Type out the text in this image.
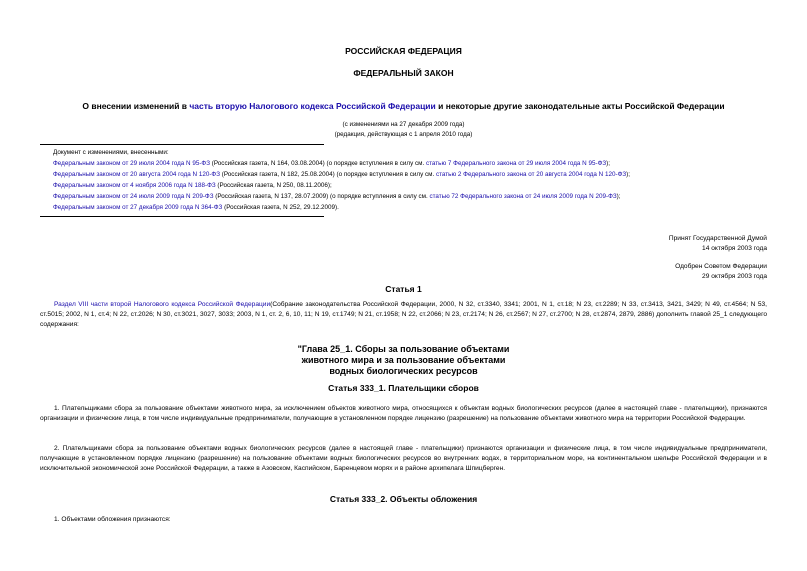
РОССИЙСКАЯ ФЕДЕРАЦИЯ
ФЕДЕРАЛЬНЫЙ ЗАКОН
О внесении изменений в часть вторую Налогового кодекса Российской Федерации и некоторые другие законодательные акты Российской Федерации
(с изменениями на 27 декабря 2009 года)
(редакция, действующая с 1 апреля 2010 года)
Документ с изменениями, внесенными:
Федеральным законом от 29 июля 2004 года N 95-ФЗ (Российская газета, N 164, 03.08.2004) (о порядке вступления в силу см. статью 7 Федерального закона от 29 июля 2004 года N 95-ФЗ);
Федеральным законом от 20 августа 2004 года N 120-ФЗ (Российская газета, N 182, 25.08.2004) (о порядке вступления в силу см. статью 2 Федерального закона от 20 августа 2004 года N 120-ФЗ);
Федеральным законом от 4 ноября 2006 года N 188-ФЗ (Российская газета, N 250, 08.11.2006);
Федеральным законом от 24 июля 2009 года N 209-ФЗ (Российская газета, N 137, 28.07.2009) (о порядке вступления в силу см. статью 72 Федерального закона от 24 июля 2009 года N 209-ФЗ);
Федеральным законом от 27 декабря 2009 года N 364-ФЗ (Российская газета, N 252, 29.12.2009).
Принят Государственной Думой
14 октября 2003 года
Одобрен Советом Федерации
29 октября 2003 года
Статья 1
Раздел VIII части второй Налогового кодекса Российской Федерации(Собрание законодательства Российской Федерации, 2000, N 32, ст.3340, 3341; 2001, N 1, ст.18; N 23, ст.2289; N 33, ст.3413, 3421, 3429; N 49, ст.4564; N 53, ст.5015; 2002, N 1, ст.4; N 22, ст.2026; N 30, ст.3021, 3027, 3033; 2003, N 1, ст. 2, 6, 10, 11; N 19, ст.1749; N 21, ст.1958; N 22, ст.2066; N 23, ст.2174; N 26, ст.2567; N 27, ст.2700; N 28, ст.2874, 2879, 2886) дополнить главой 25_1 следующего содержания:
"Глава 25_1. Сборы за пользование объектами
животного мира и за пользование объектами
водных биологических ресурсов
Статья 333_1. Плательщики сборов
1. Плательщиками сбора за пользование объектами животного мира, за исключением объектов животного мира, относящихся к объектам водных биологических ресурсов (далее в настоящей главе - плательщики), признаются организации и физические лица, в том числе индивидуальные предприниматели, получающие в установленном порядке лицензию (разрешение) на пользование объектами животного мира на территории Российской Федерации.
2. Плательщиками сбора за пользование объектами водных биологических ресурсов (далее в настоящей главе - плательщики) признаются организации и физические лица, в том числе индивидуальные предприниматели, получающие в установленном порядке лицензию (разрешение) на пользование объектами водных биологических ресурсов во внутренних водах, в территориальном море, на континентальном шельфе Российской Федерации и в исключительной экономической зоне Российской Федерации, а также в Азовском, Каспийском, Баренцевом морях и в районе архипелага Шпицберген.
Статья 333_2. Объекты обложения
1. Объектами обложения признаются:
